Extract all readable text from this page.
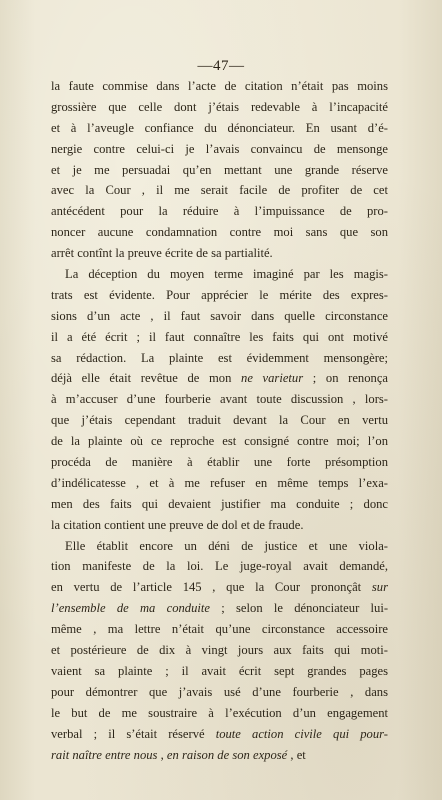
—47—
la faute commise dans l’acte de citation n’était pas moins
grossière que celle dont j’étais redevable à l’incapacité
et à l’aveugle confiance du dénonciateur. En usant d’é-
nergie contre celui-ci je l’avais convaincu de mensonge
et je me persuadai qu’en mettant une grande réserve
avec la Cour , il me serait facile de profiter de cet
antécédent pour la réduire à l’impuissance de pro-
noncer aucune condamnation contre moi sans que son
arrêt contînt la preuve écrite de sa partialité.
La déception du moyen terme imaginé par les magis-
trats est évidente. Pour apprécier le mérite des expres-
sions d’un acte , il faut savoir dans quelle circonstance
il a été écrit ; il faut connaître les faits qui ont motivé
sa rédaction. La plainte est évidemment mensongère;
déjà elle était revêtue de mon ne varietur ; on renonça
à m’accuser d’une fourberie avant toute discussion , lors-
que j’étais cependant traduit devant la Cour en vertu
de la plainte où ce reproche est consigné contre moi; l’on
procéda de manière à établir une forte présomption
d’indélicatesse , et à me refuser en même temps l’exa-
men des faits qui devaient justifier ma conduite ; donc
la citation contient une preuve de dol et de fraude.
Elle établit encore un déni de justice et une viola-
tion manifeste de la loi. Le juge-royal avait demandé,
en vertu de l’article 145 , que la Cour prononçât sur
l’ensemble de ma conduite ; selon le dénonciateur lui-
même , ma lettre n’était qu’une circonstance accessoire
et postérieure de dix à vingt jours aux faits qui moti-
vaient sa plainte ; il avait écrit sept grandes pages
pour démontrer que j’avais usé d’une fourberie , dans
le but de me soustraire à l’exécution d’un engagement
verbal ; il s’était réservé toute action civile qui pour-
rait naître entre nous , en raison de son exposé , et
